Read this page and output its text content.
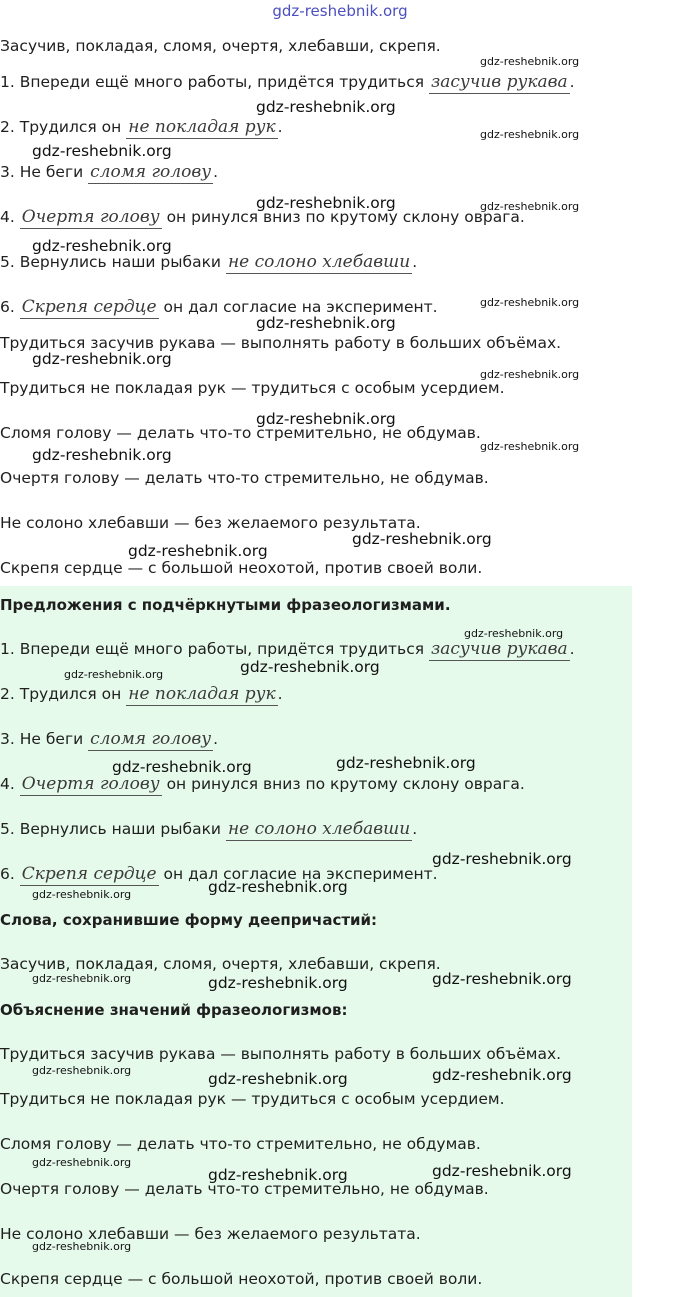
gdz-reshebnik.org
Засучив, покладая, сломя, очертя, хлебавши, скрепя.
1. Впереди ещё много работы, придётся трудиться засучив рукава .
2. Трудился он не покладая рук .
3. Не беги сломя голову .
4. Очертя голову он ринулся вниз по крутому склону оврага.
5. Вернулись наши рыбаки не солоно хлебавши .
6. Скрепя сердце он дал согласие на эксперимент.
Трудиться засучив рукава — выполнять работу в больших объёмах.
Трудиться не покладая рук — трудиться с особым усердием.
Сломя голову — делать что-то стремительно, не обдумав.
Очертя голову — делать что-то стремительно, не обдумав.
Не солоно хлебавши — без желаемого результата.
Скрепя сердце — с большой неохотой, против своей воли.
Предложения с подчёркнутыми фразеологизмами.
1. Впереди ещё много работы, придётся трудиться засучив рукава .
2. Трудился он не покладая рук .
3. Не беги сломя голову .
4. Очертя голову он ринулся вниз по крутому склону оврага.
5. Вернулись наши рыбаки не солоно хлебавши .
6. Скрепя сердце он дал согласие на эксперимент.
Слова, сохранившие форму деепричастий:
Засучив, покладая, сломя, очертя, хлебавши, скрепя.
Объяснение значений фразеологизмов:
Трудиться засучив рукава — выполнять работу в больших объёмах.
Трудиться не покладая рук — трудиться с особым усердием.
Сломя голову — делать что-то стремительно, не обдумав.
Очертя голову — делать что-то стремительно, не обдумав.
Не солоно хлебавши — без желаемого результата.
Скрепя сердце — с большой неохотой, против своей воли.
gdz-reshebnik.org
gdz-reshebnik.org
gdz-reshebnik.org
gdz-reshebnik.org
gdz-reshebnik.org	gdz-reshebnik.org
gdz-reshebnik.org
gdz-reshebnik.org
gdz-reshebnik.org
gdz-reshebnik.org
gdz-reshebnik.org
gdz-reshebnik.org
gdz-reshebnik.org
gdz-reshebnik.org
gdz-reshebnik.org
gdz-reshebnik.org
gdz-reshebnik.org
gdz-reshebnik.org
gdz-reshebnik.org
gdz-reshebnik.org
gdz-reshebnik.org
gdz-reshebnik.org
gdz-reshebnik.org
gdz-reshebnik.org
gdz-reshebnik.org
gdz-reshebnik.org	gdz-reshebnik.org
gdz-reshebnik.org	gdz-reshebnik.org
gdz-reshebnik.org
gdz-reshebnik.org	gdz-reshebnik.org
gdz-reshebnik.org
gdz-reshebnik.org
